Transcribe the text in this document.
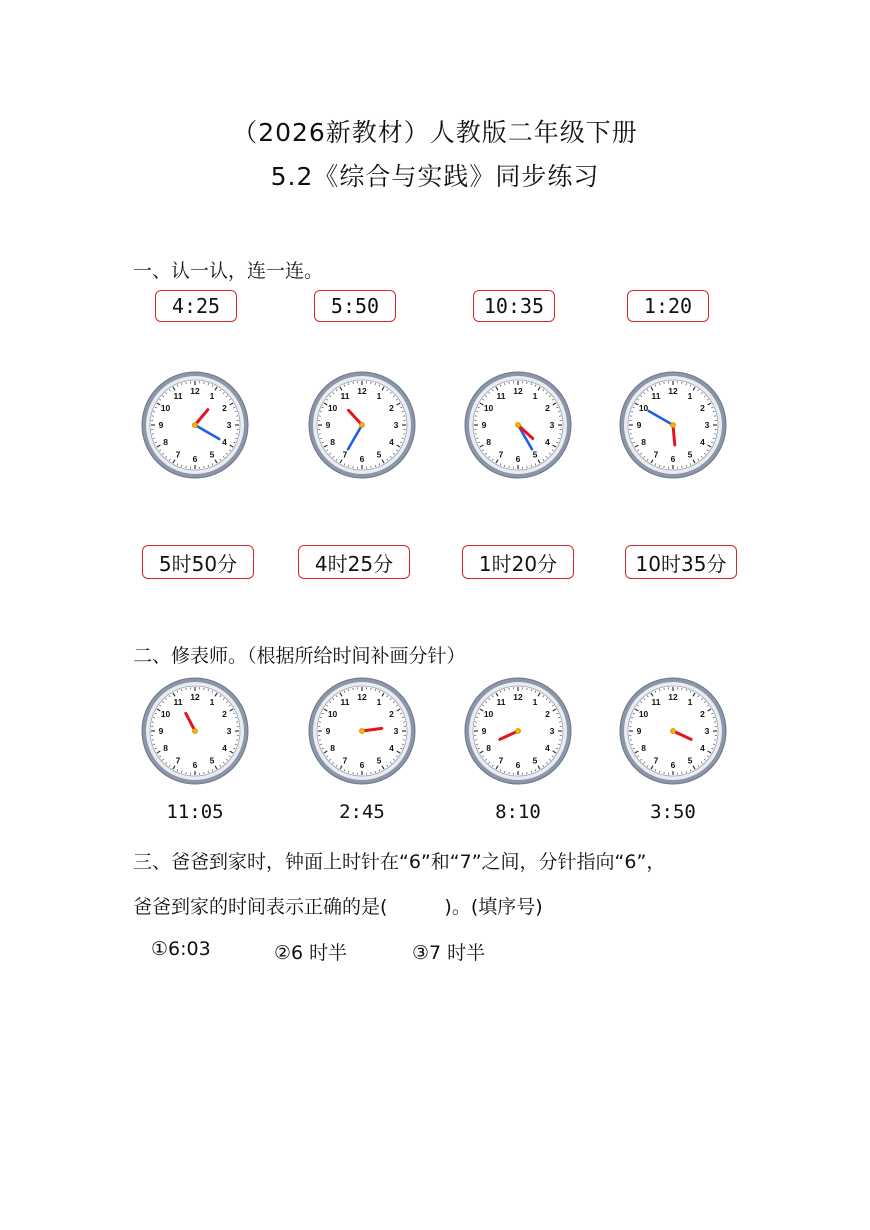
（2026新教材）人教版二年级下册
5.2《综合与实践》同步练习
一、认一认，连一连。
4:25	5:50	10:35	1:20
12 1
2
3
4
5
6
7
8
9
10
11	12 1
2
3
4
5
6
7
8
9
10
11	12 1
2
3
4
5
6
7
8
9
10
11	12 1
2
3
4
5
6
7
8
9
10
11
5时50分	4时25分	1时20分	10时35分
二、修表师。（根据所给时间补画分针）
12 1
2
3
4
5
6
7
8
9
10
11	12 1
2
3
4
5
6
7
8
9
10
11	12 1
2
3
4
5
6
7
8
9
10
11	12 1
2
3
4
5
6
7
8
9
10
11
11:05	2:45	8:10	3:50
三、爸爸到家时，钟面上时针在“6”和“7”之间，分针指向“6”，
爸爸到家的时间表示正确的是(　　　)。(填序号)
①6:03	②6 时半	③7 时半
